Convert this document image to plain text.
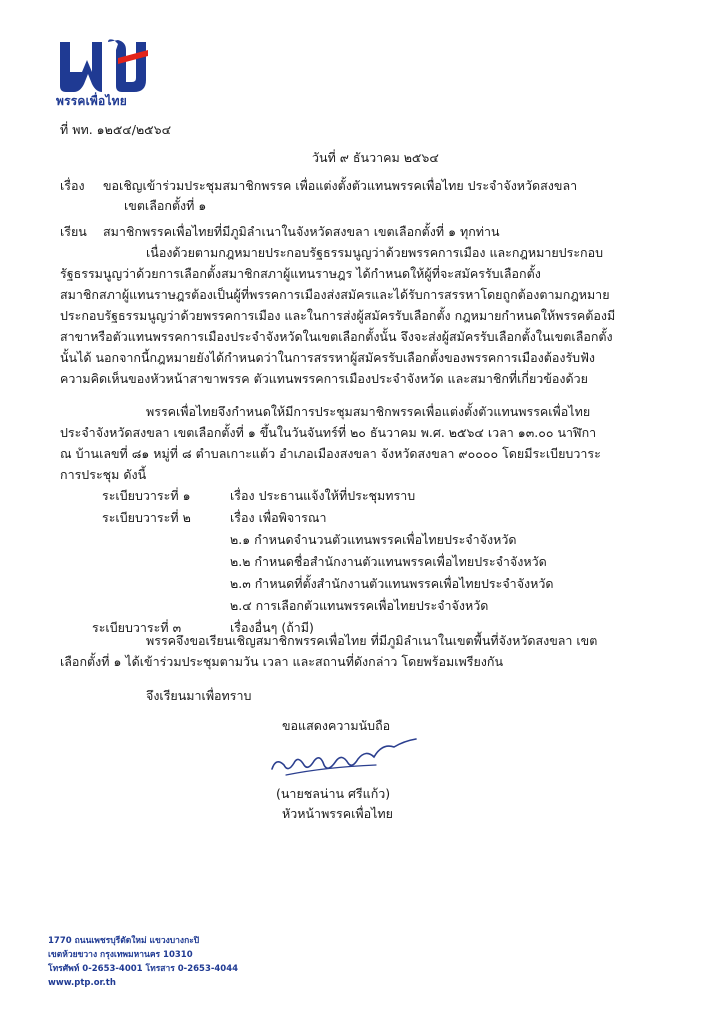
พรรคเพื่อไทย
ที่ พท. ๑๒๕๔/๒๕๖๔
วันที่ ๙ ธันวาคม ๒๕๖๔
เรื่อง ขอเชิญเข้าร่วมประชุมสมาชิกพรรค เพื่อแต่งตั้งตัวแทนพรรคเพื่อไทย ประจำจังหวัดสงขลา
เขตเลือกตั้งที่ ๑
เรียน สมาชิกพรรคเพื่อไทยที่มีภูมิลำเนาในจังหวัดสงขลา เขตเลือกตั้งที่ ๑ ทุกท่าน
เนื่องด้วยตามกฎหมายประกอบรัฐธรรมนูญว่าด้วยพรรคการเมือง และกฎหมายประกอบ
รัฐธรรมนูญว่าด้วยการเลือกตั้งสมาชิกสภาผู้แทนราษฎร ได้กำหนดให้ผู้ที่จะสมัครรับเลือกตั้ง
สมาชิกสภาผู้แทนราษฎรต้องเป็นผู้ที่พรรคการเมืองส่งสมัครและได้รับการสรรหาโดยถูกต้องตามกฎหมาย
ประกอบรัฐธรรมนูญว่าด้วยพรรคการเมือง และในการส่งผู้สมัครรับเลือกตั้ง กฎหมายกำหนดให้พรรคต้องมี
สาขาหรือตัวแทนพรรคการเมืองประจำจังหวัดในเขตเลือกตั้งนั้น จึงจะส่งผู้สมัครรับเลือกตั้งในเขตเลือกตั้ง
นั้นได้ นอกจากนี้กฎหมายยังได้กำหนดว่าในการสรรหาผู้สมัครรับเลือกตั้งของพรรคการเมืองต้องรับฟัง
ความคิดเห็นของหัวหน้าสาขาพรรค ตัวแทนพรรคการเมืองประจำจังหวัด และสมาชิกที่เกี่ยวข้องด้วย
พรรคเพื่อไทยจึงกำหนดให้มีการประชุมสมาชิกพรรคเพื่อแต่งตั้งตัวแทนพรรคเพื่อไทย
ประจำจังหวัดสงขลา เขตเลือกตั้งที่ ๑ ขึ้นในวันจันทร์ที่ ๒๐ ธันวาคม พ.ศ. ๒๕๖๔ เวลา ๑๓.๐๐ นาฬิกา
ณ บ้านเลขที่ ๘๑ หมู่ที่ ๘ ตำบลเกาะแต้ว อำเภอเมืองสงขลา จังหวัดสงขลา ๙๐๐๐๐ โดยมีระเบียบวาระ
การประชุม ดังนี้
ระเบียบวาระที่ ๑	เรื่อง ประธานแจ้งให้ที่ประชุมทราบ
ระเบียบวาระที่ ๒	เรื่อง เพื่อพิจารณา
๒.๑ กำหนดจำนวนตัวแทนพรรคเพื่อไทยประจำจังหวัด
๒.๒ กำหนดชื่อสำนักงานตัวแทนพรรคเพื่อไทยประจำจังหวัด
๒.๓ กำหนดที่ตั้งสำนักงานตัวแทนพรรคเพื่อไทยประจำจังหวัด
๒.๔ การเลือกตัวแทนพรรคเพื่อไทยประจำจังหวัด
ระเบียบวาระที่ ๓	เรื่องอื่นๆ (ถ้ามี)
พรรคจึงขอเรียนเชิญสมาชิกพรรคเพื่อไทย ที่มีภูมิลำเนาในเขตพื้นที่จังหวัดสงขลา เขต
เลือกตั้งที่ ๑ ได้เข้าร่วมประชุมตามวัน เวลา และสถานที่ดังกล่าว โดยพร้อมเพรียงกัน
จึงเรียนมาเพื่อทราบ
ขอแสดงความนับถือ
(นายชลน่าน ศรีแก้ว)
หัวหน้าพรรคเพื่อไทย
1770 ถนนเพชรบุรีตัดใหม่ แขวงบางกะปิ
เขตห้วยขวาง กรุงเทพมหานคร 10310
โทรศัพท์ 0-2653-4001 โทรสาร 0-2653-4044
www.ptp.or.th
